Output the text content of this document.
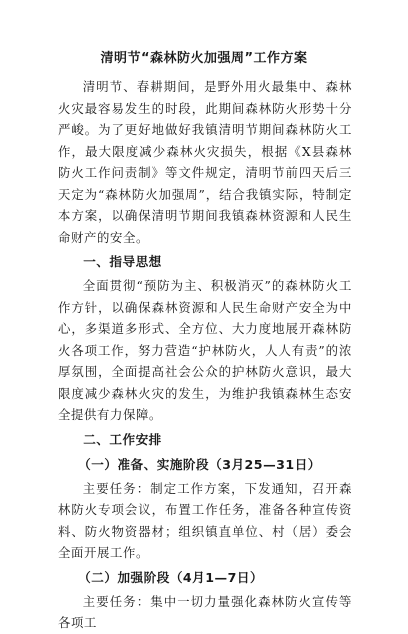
清明节“森林防火加强周”工作方案

清明节、春耕期间，是野外用火最集中、森林火灾最容易发生的时段，此期间森林防火形势十分严峻。为了更好地做好我镇清明节期间森林防火工作，最大限度减少森林火灾损失，根据《X县森林防火工作问责制》等文件规定，清明节前四天后三天定为“森林防火加强周”，结合我镇实际，特制定本方案，以确保清明节期间我镇森林资源和人民生命财产的安全。

一、指导思想

全面贯彻“预防为主、积极消灭”的森林防火工作方针，以确保森林资源和人民生命财产安全为中心，多渠道多形式、全方位、大力度地展开森林防火各项工作，努力营造“护林防火，人人有责”的浓厚氛围，全面提高社会公众的护林防火意识，最大限度减少森林火灾的发生，为维护我镇森林生态安全提供有力保障。

二、工作安排
（一）准备、实施阶段（3月25—31日）

主要任务：制定工作方案，下发通知，召开森林防火专项会议，布置工作任务，准备各种宣传资料、防火物资器材；组织镇直单位、村（居）委会全面开展工作。

（二）加强阶段（4月1—7日）

主要任务：集中一切力量强化森林防火宣传等各项工
